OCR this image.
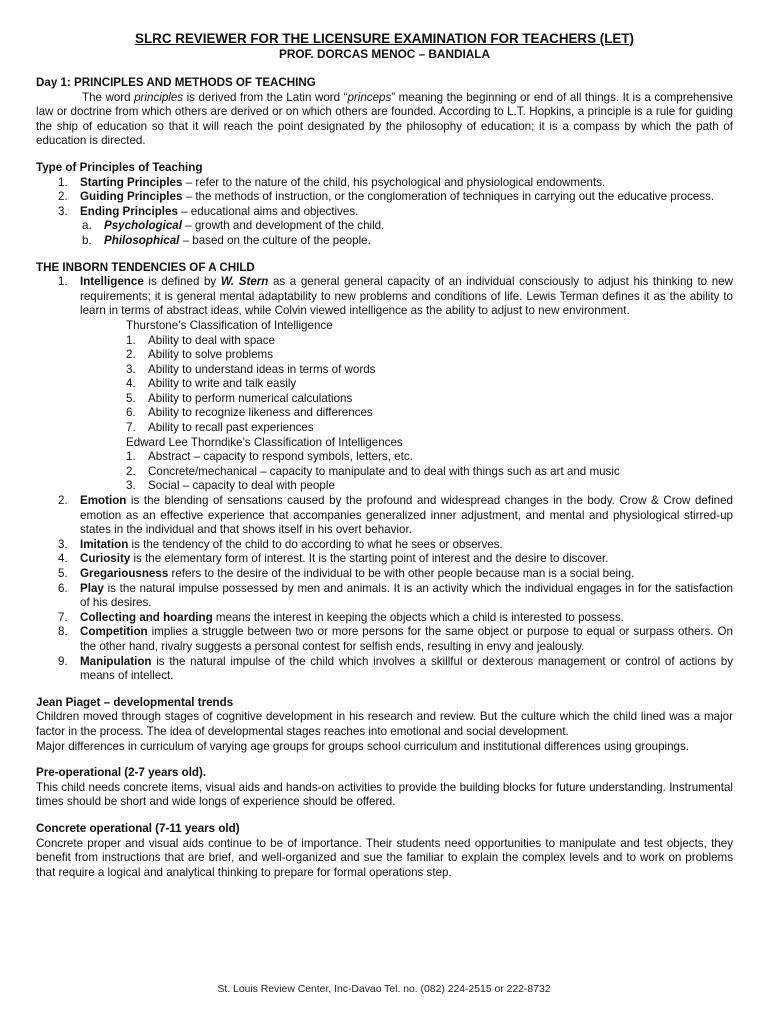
SLRC REVIEWER FOR THE LICENSURE EXAMINATION FOR TEACHERS (LET)

PROF. DORCAS MENOC – BANDIALA

Day 1: PRINCIPLES AND METHODS OF TEACHING

The word principles is derived from the Latin word “princeps” meaning the beginning or end of all things. It is a comprehensive law or doctrine from which others are derived or on which others are founded. According to L.T. Hopkins, a principle is a rule for guiding the ship of education so that it will reach the point designated by the philosophy of education; it is a compass by which the path of education is directed.

Type of Principles of Teaching

1.	Starting Principles – refer to the nature of the child, his psychological and physiological endowments.
2.	Guiding Principles – the methods of instruction, or the conglomeration of techniques in carrying out the educative process.
3.	Ending Principles – educational aims and objectives.
a.	Psychological – growth and development of the child.
b.	Philosophical – based on the culture of the people.

THE INBORN TENDENCIES OF A CHILD

1.	Intelligence is defined by W. Stern as a general general capacity of an individual consciously to adjust his thinking to new requirements; it is general mental adaptability to new problems and conditions of life. Lewis Terman defines it as the ability to learn in terms of abstract ideas, while Colvin viewed intelligence as the ability to adjust to new environment.
Thurstone’s Classification of Intelligence
1.	Ability to deal with space
2.	Ability to solve problems
3.	Ability to understand ideas in terms of words
4.	Ability to write and talk easily
5.	Ability to perform numerical calculations
6.	Ability to recognize likeness and differences
7.	Ability to recall past experiences
Edward Lee Thorndike’s Classification of Intelligences
1.	Abstract – capacity to respond symbols, letters, etc.
2.	Concrete/mechanical – capacity to manipulate and to deal with things such as art and music
3.	Social – capacity to deal with people
2.	Emotion is the blending of sensations caused by the profound and widespread changes in the body. Crow & Crow defined emotion as an effective experience that accompanies generalized inner adjustment, and mental and physiological stirred-up states in the individual and that shows itself in his overt behavior.
3.	Imitation is the tendency of the child to do according to what he sees or observes.
4.	Curiosity is the elementary form of interest. It is the starting point of interest and the desire to discover.
5.	Gregariousness refers to the desire of the individual to be with other people because man is a social being.
6.	Play is the natural impulse possessed by men and animals. It is an activity which the individual engages in for the satisfaction of his desires.
7.	Collecting and hoarding means the interest in keeping the objects which a child is interested to possess.
8.	Competition implies a struggle between two or more persons for the same object or purpose to equal or surpass others. On the other hand, rivalry suggests a personal contest for selfish ends, resulting in envy and jealously.
9.	Manipulation is the natural impulse of the child which involves a skillful or dexterous management or control of actions by means of intellect.

Jean Piaget – developmental trends

Children moved through stages of cognitive development in his research and review. But the culture which the child lined was a major factor in the process. The idea of developmental stages reaches into emotional and social development.

Major differences in curriculum of varying age groups for groups school curriculum and institutional differences using groupings.

Pre-operational (2-7 years old).

This child needs concrete items, visual aids and hands-on activities to provide the building blocks for future understanding. Instrumental times should be short and wide longs of experience should be offered.

Concrete operational (7-11 years old)

Concrete proper and visual aids continue to be of importance. Their students need opportunities to manipulate and test objects, they benefit from instructions that are brief, and well-organized and sue the familiar to explain the complex levels and to work on problems that require a logical and analytical thinking to prepare for formal operations step.

St. Louis Review Center, Inc-Davao Tel. no. (082) 224-2515 or 222-8732
